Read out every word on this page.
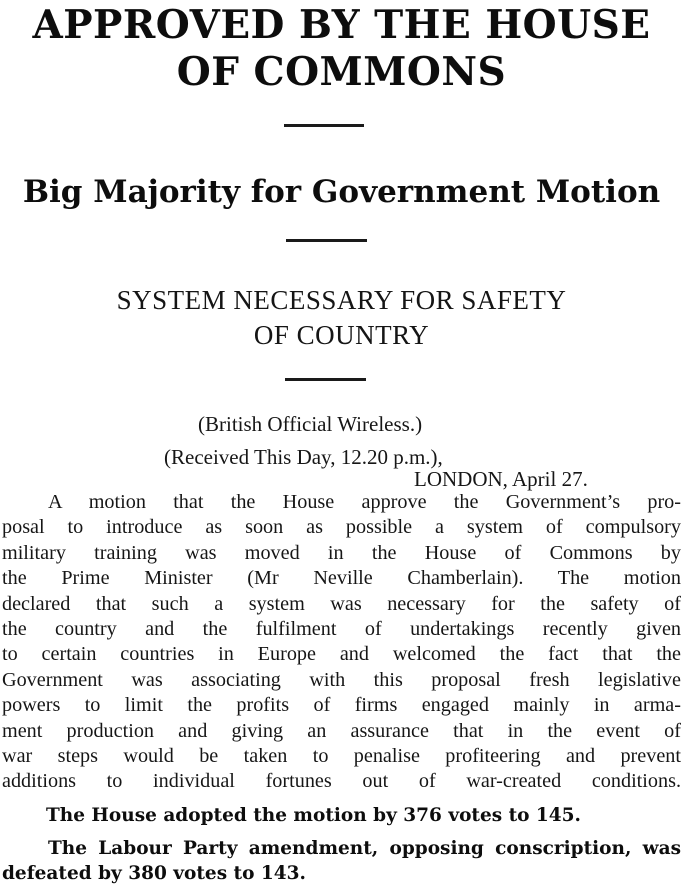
APPROVED BY THE HOUSE
OF COMMONS
Big Majority for Government Motion
SYSTEM NECESSARY FOR SAFETY
OF COUNTRY
(British Official Wireless.)
(Received This Day, 12.20 p.m.),
LONDON, April 27.
A motion that the House approve the Government’s pro-
posal to introduce as soon as possible a system of compulsory
military training was moved in the House of Commons by
the Prime Minister (Mr Neville Chamberlain). The motion
declared that such a system was necessary for the safety of
the country and the fulfilment of undertakings recently given
to certain countries in Europe and welcomed the fact that the
Government was associating with this proposal fresh legislative
powers to limit the profits of firms engaged mainly in arma-
ment production and giving an assurance that in the event of
war steps would be taken to penalise profiteering and prevent
additions to individual fortunes out of war-created conditions.
The House adopted the motion by 376 votes to 145.
The Labour Party amendment, opposing conscription, was
defeated by 380 votes to 143.
